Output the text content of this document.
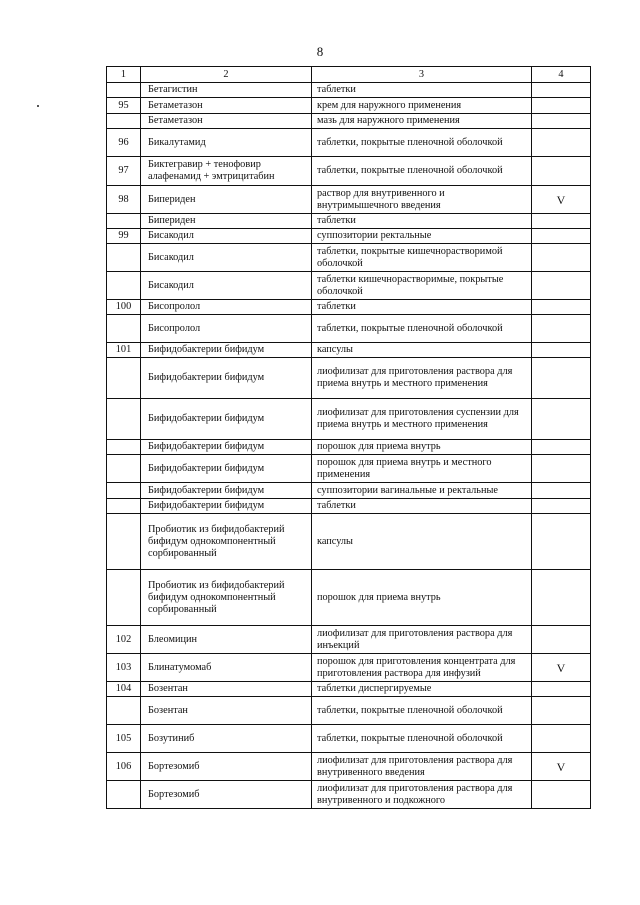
8
1	2	3	4
	Бетагистин	таблетки	
95	Бетаметазон	крем для наружного применения	
	Бетаметазон	мазь для наружного применения	
96	Бикалутамид	таблетки, покрытые пленочной оболочкой	
97	Биктегравир + тенофовир алафенамид + эмтрицитабин	таблетки, покрытые пленочной оболочкой	
98	Бипериден	раствор для внутривенного и внутримышечного введения	V
	Бипериден	таблетки	
99	Бисакодил	суппозитории ректальные	
	Бисакодил	таблетки, покрытые кишечнорастворимой оболочкой	
	Бисакодил	таблетки кишечнорастворимые, покрытые оболочкой	
100	Бисопролол	таблетки	
	Бисопролол	таблетки, покрытые пленочной оболочкой	
101	Бифидобактерии бифидум	капсулы	
	Бифидобактерии бифидум	лиофилизат для приготовления раствора для приема внутрь и местного применения	
	Бифидобактерии бифидум	лиофилизат для приготовления суспензии для приема внутрь и местного применения	
	Бифидобактерии бифидум	порошок для приема внутрь	
	Бифидобактерии бифидум	порошок для приема внутрь и местного применения	
	Бифидобактерии бифидум	суппозитории вагинальные и ректальные	
	Бифидобактерии бифидум	таблетки	
	Пробиотик из бифидобактерий бифидум однокомпонентный сорбированный	капсулы	
	Пробиотик из бифидобактерий бифидум однокомпонентный сорбированный	порошок для приема внутрь	
102	Блеомицин	лиофилизат для приготовления раствора для инъекций	
103	Блинатумомаб	порошок для приготовления концентрата для приготовления раствора для инфузий	V
104	Бозентан	таблетки диспергируемые	
	Бозентан	таблетки, покрытые пленочной оболочкой	
105	Бозутиниб	таблетки, покрытые пленочной оболочкой	
106	Бортезомиб	лиофилизат для приготовления раствора для внутривенного введения	V
	Бортезомиб	лиофилизат для приготовления раствора для внутривенного и подкожного	
